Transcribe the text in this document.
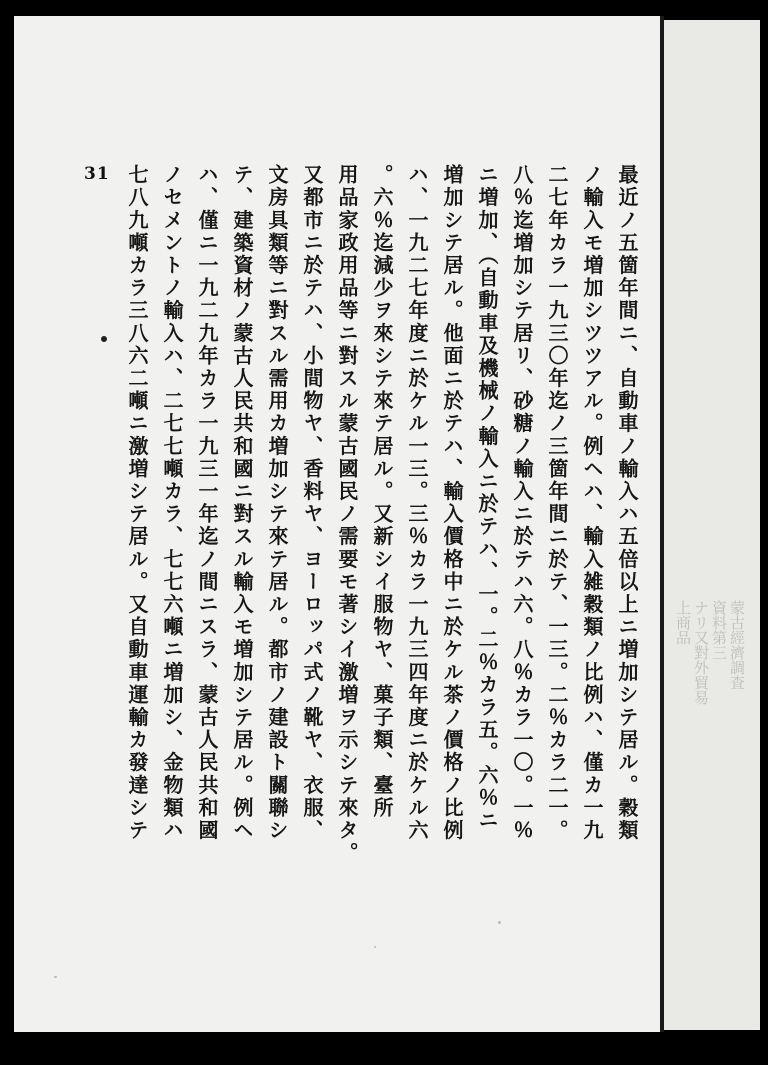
31	最近ノ五箇年間ニ、自動車ノ輸入ハ五倍以上ニ増加シテ居ル。穀類
ノ輸入モ増加シツツアル。例ヘハ、輸入雑穀類ノ比例ハ、僅カ一九
二七年カラ一九三〇年迄ノ三箇年間ニ於テ、一三。二％カラ二一。
八％迄増加シテ居リ、砂糖ノ輸入ニ於テハ六。八％カラ一〇。一％
ニ増加、（自動車及機械ノ輸入ニ於テハ、一。二％カラ五。六％ニ
増加シテ居ル。他面ニ於テハ、輸入價格中ニ於ケル茶ノ價格ノ比例
ハ、一九二七年度ニ於ケル一三。三％カラ一九三四年度ニ於ケル六
。六％迄減少ヲ來シテ來テ居ル。又新シイ服物ヤ、菓子類、臺所
用品家政用品等ニ對スル蒙古國民ノ需要モ著シイ激増ヲ示シテ來タ。
又都市ニ於テハ、小間物ヤ、香料ヤ、ヨーロッパ式ノ靴ヤ、衣服、
文房具類等ニ對スル需用カ増加シテ來テ居ル。都市ノ建設ト關聯シ
テ、建築資材ノ蒙古人民共和國ニ對スル輸入モ増加シテ居ル。例ヘ
ハ、僅ニ一九二九年カラ一九三一年迄ノ間ニスラ、蒙古人民共和國
ノセメントノ輸入ハ、二七七噸カラ、七七六噸ニ増加シ、金物類ハ
七八九噸カラ三八六二噸ニ激増シテ居ル。又自動車運輸カ發達シテ	蒙古經濟調査
資料第三
ナリ又對外貿易
上商品
